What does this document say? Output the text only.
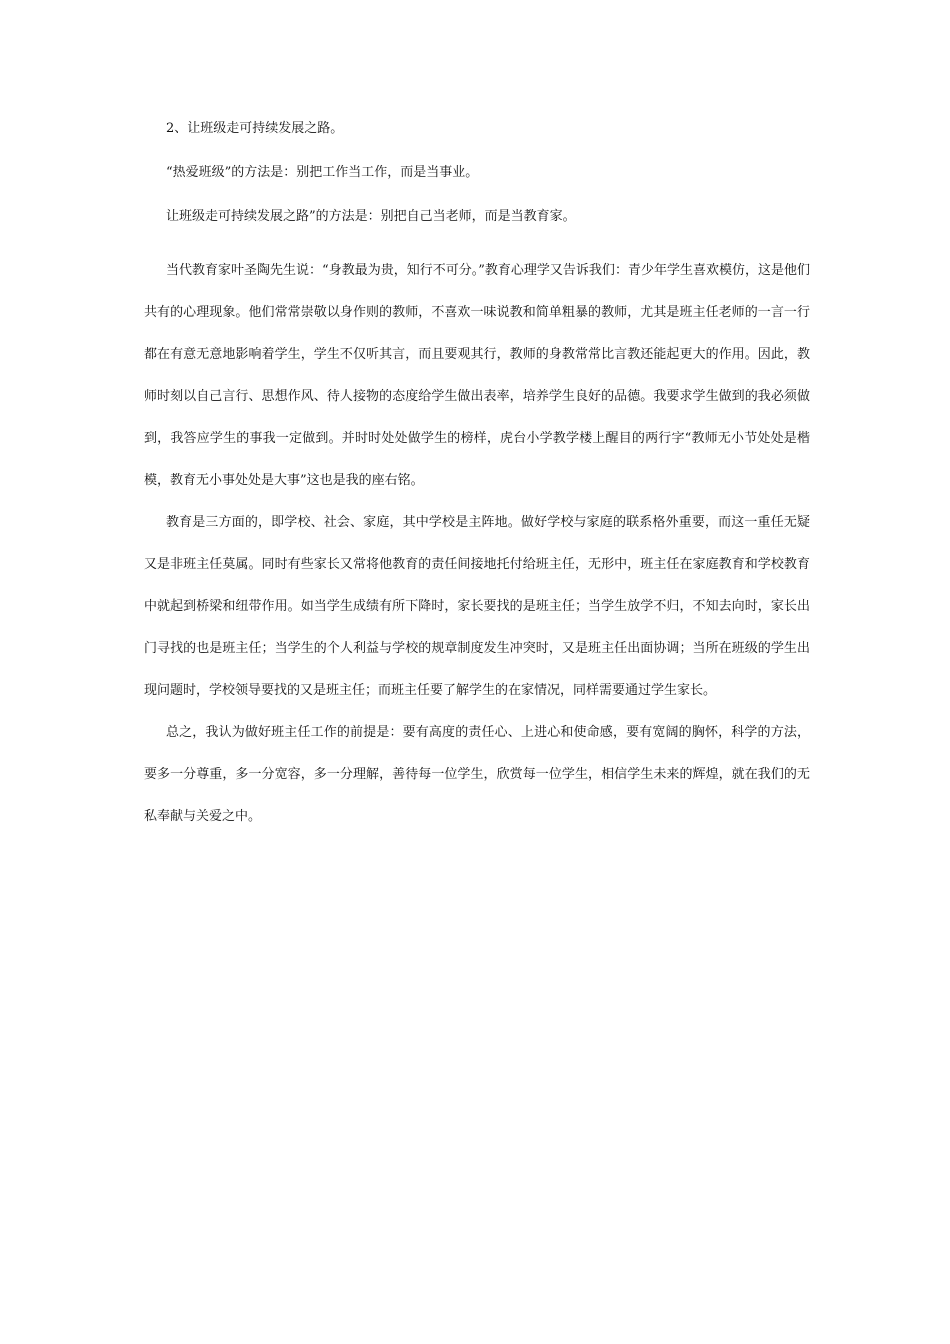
2、让班级走可持续发展之路。

“热爱班级”的方法是：别把工作当工作，而是当事业。

让班级走可持续发展之路”的方法是：别把自己当老师，而是当教育家。

当代教育家叶圣陶先生说：“身教最为贵，知行不可分。”教育心理学又告诉我们：青少年学生喜欢模仿，这是他们共有的心理现象。他们常常崇敬以身作则的教师，不喜欢一味说教和简单粗暴的教师，尤其是班主任老师的一言一行都在有意无意地影响着学生，学生不仅听其言，而且要观其行，教师的身教常常比言教还能起更大的作用。因此，教师时刻以自己言行、思想作风、待人接物的态度给学生做出表率，培养学生良好的品德。我要求学生做到的我必须做到，我答应学生的事我一定做到。并时时处处做学生的榜样，虎台小学教学楼上醒目的两行字“教师无小节处处是楷模，教育无小事处处是大事”这也是我的座右铭。

教育是三方面的，即学校、社会、家庭，其中学校是主阵地。做好学校与家庭的联系格外重要，而这一重任无疑又是非班主任莫属。同时有些家长又常将他教育的责任间接地托付给班主任，无形中，班主任在家庭教育和学校教育中就起到桥梁和纽带作用。如当学生成绩有所下降时，家长要找的是班主任；当学生放学不归，不知去向时，家长出门寻找的也是班主任；当学生的个人利益与学校的规章制度发生冲突时，又是班主任出面协调；当所在班级的学生出现问题时，学校领导要找的又是班主任；而班主任要了解学生的在家情况，同样需要通过学生家长。

总之，我认为做好班主任工作的前提是：要有高度的责任心、上进心和使命感，要有宽阔的胸怀，科学的方法，要多一分尊重，多一分宽容，多一分理解，善待每一位学生，欣赏每一位学生，相信学生未来的辉煌，就在我们的无私奉献与关爱之中。
